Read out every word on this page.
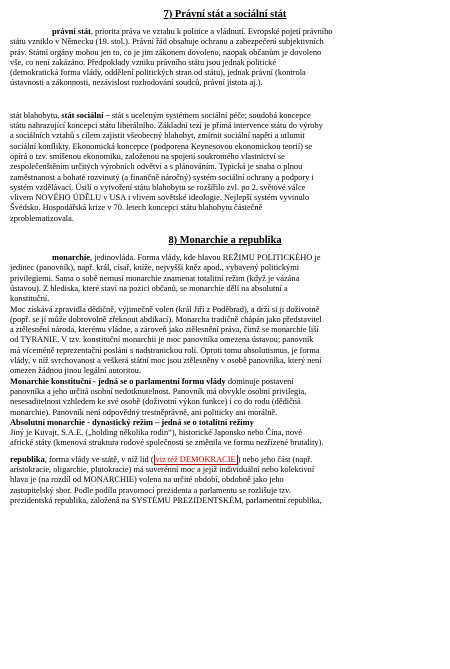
7) Právní stát a sociální stát

právní stát, priorita práva ve vztahu k politice a vládnutí. Evropské pojetí právního
státu vzniklo v Německu (19. stol.). Právní řád obsahuje ochranu a zabezpečení subjektivních
práv. Státní orgány mohou jen to, co je jim zákonem dovoleno, naopak občanům je dovoleno
vše, co není zakázáno. Předpoklady vzniku právního státu jsou jednak politické
(demokratická forma vlády, oddělení politických stran od státu), jednak právní (kontrola
ústavnosti a zákonnosti, nezávislost rozhodování soudců, právní jistota aj.).

stát blahobytu, stát sociální – stát s uceleným systémem sociální péče; soudobá koncepce
státu nahrazující koncepci státu liberálního. Základní tezí je přímá intervence státu do výroby
a sociálních vztahů s cílem zajistit všeobecný blahobyt, zmírnit sociální napětí a utlumit
sociální konflikty. Ekonomická koncepce (podporena Keynesovou ekonomickou teorií) se
opírá o tzv. smíšenou ekonomiku, založenou na spojení soukromého vlastnictví se
zespolečenštěním určitých výrobních odvětví a s plánováním. Typická je snaha o plnou
zaměstnanost a bohaté rozvinutý (a finančně náročný) systém sociální ochrany a podpory i
systém vzdělávací. Úsilí o vytvoření státu blahobytu se rozšířilo zvl. po 2. světové válce
vlivem NOVÉHO ÚDĚLU v USA i vlivem sovětské ideologie. Nejlepší systém vyvinulo
Švédsko. Hospodářská krize v 70. letech koncepci státu blahobytu částečně
zproblematizovala.

8) Monarchie a republika

monarchie, jedinovláda. Forma vlády, kde hlavou REŽIMU POLITICKÉHO je
jedinec (panovník), např. král, císař, kníže, nejvyšší kněz apod., vybavený politickými
privilegiemi. Sama o sobě nemusí monarchie znamenat totalitní režim (když je vázána
ústavou). Z hlediska, které staví na pozici občanů, se monarchie dělí na absolutní a
konstituční.
Moc získává zpravidla dědičně, výjimečně volen (král Jiří z Poděbrad), a drží si ji doživotně
(popř. se jí může dobrovolně zřeknout abdikací). Monarcha tradičně chápán jako představitel
a ztělesnění národa, kterému vládne, a zároveň jako ztělesnění práva, čímž se monarchie liší
od TYRANIE. V tzv. konstituční monarchii je moc panovníka omezena ústavou; panovník
má víceméně reprezentační posláni s nadstranickou rolí. Oproti tomu absolutismus, je forma
vlády, v níž svrchovanost a veškerá státní moc jsou ztělesněny v osobě panovníka, který není
omezen žádnou jinou legální autoritou.

Monarchie konstituční - jedná se o parlamentní formu vlády dominuje postavení
panovníka a jeho určitá osobní nedotknutelnost. Panovník má obvykle osobní privilegia,
nesesaditelnost vzhledem ke své osobě (doživotní výkon funkce) i co do rodu (dědičná
monarchie). Panovník není odpovědný trestněprávně, ani politicky ani morálně.

Absolutní monarchie - dynastický režim – jedná se o totalitní režimy
Jiný je Kuvajt, S.A.E. („holding několika rodin“), historické Japonsko nebo Čína, nové
africké státy (kmenová struktura rodové společnosti se změnila ve formu nezřízené brutality).

republika, forma vlády ve státě, v níž lid ( viz též DEMOKRACIE ) nebo jeho část (např.
aristokracie, oligarchie, plutokracie) má suverénní moc a jejíž individuální nebo kolektivní
hlava je (na rozdíl od MONARCHIE) volena na určité období, obdobně jako jeho
zastupitelský sbor. Podle podílu pravomocí prezidenta a parlamentu se rozlišuje tzv.
prezidentská republika, založená na SYSTÉMU PREZIDENTSKÉM, parlamentní republika,
